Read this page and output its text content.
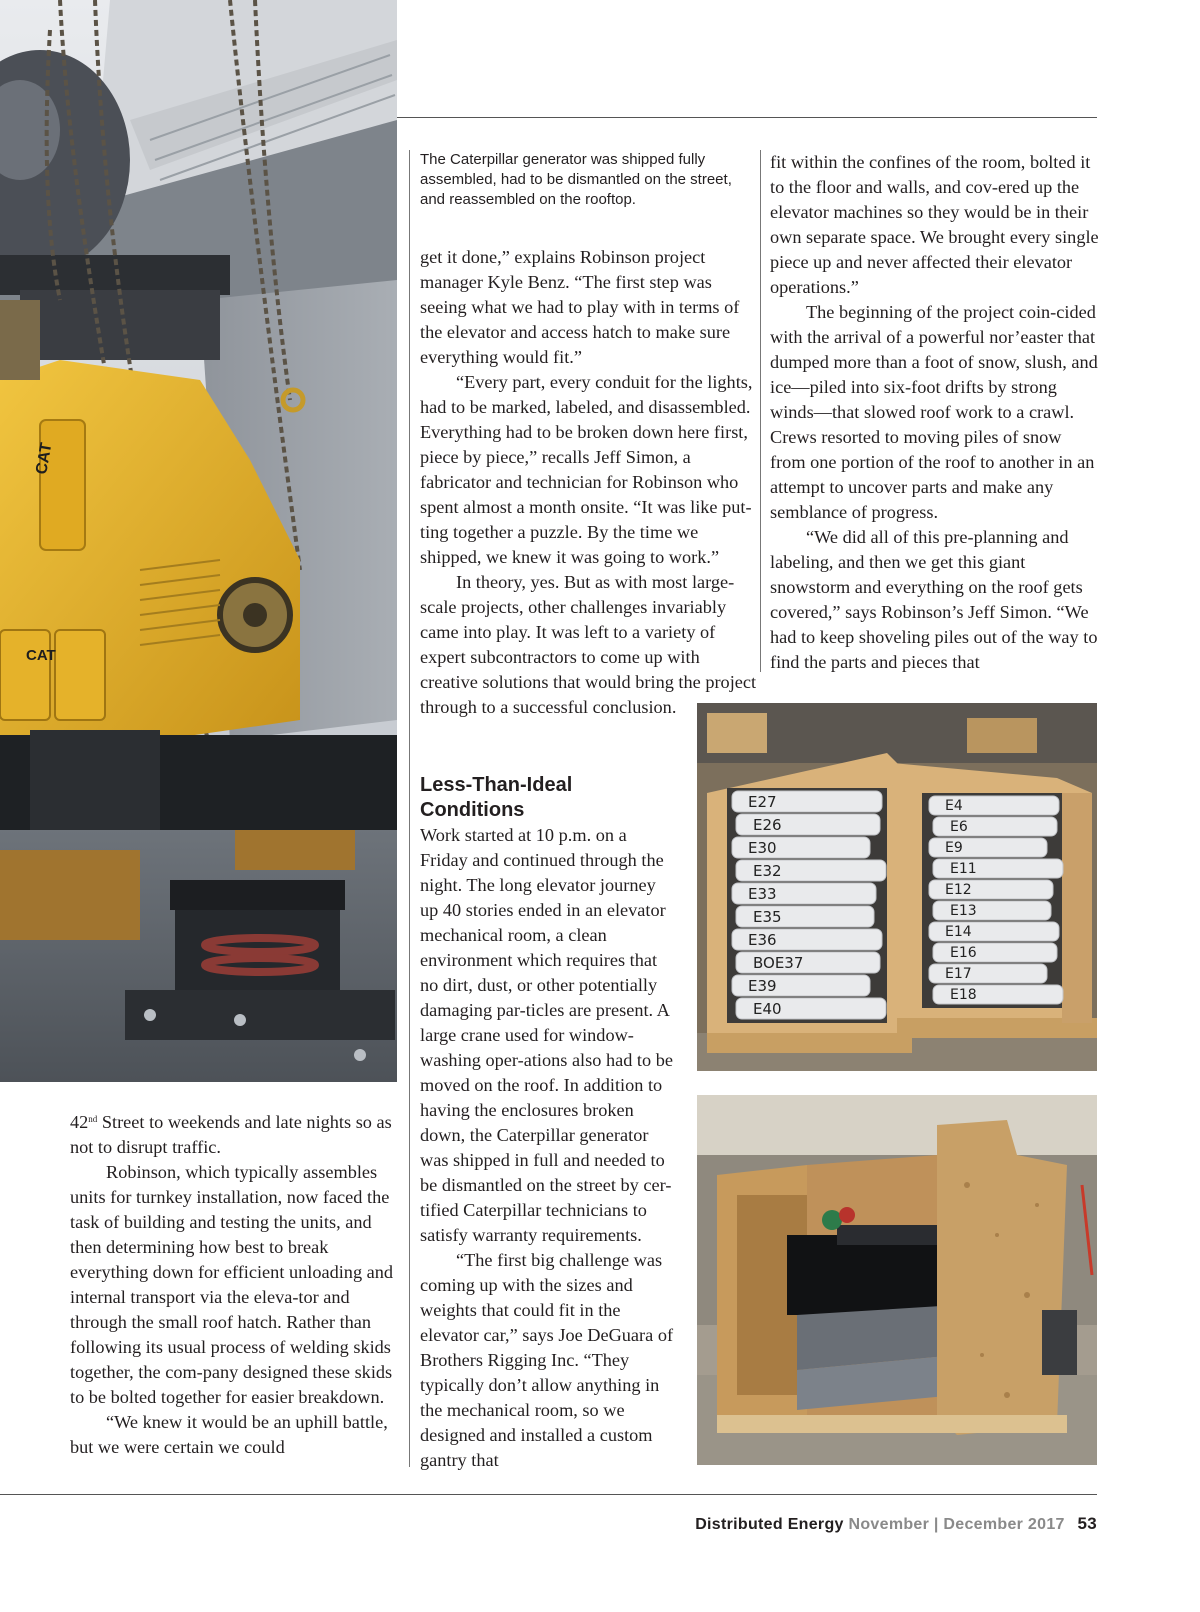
CAT
CAT

The Caterpillar generator was shipped fully assembled, had to be dismantled on the street, and reassembled on the rooftop.

get it done,” explains Robinson project manager Kyle Benz. “The first step was seeing what we had to play with in terms of the elevator and access hatch to make sure everything would fit.”

“Every part, every conduit for the lights, had to be marked, labeled, and disassembled. Everything had to be broken down here first, piece by piece,” recalls Jeff Simon, a fabricator and technician for Robinson who spent almost a month onsite. “It was like put-ting together a puzzle. By the time we shipped, we knew it was going to work.”

In theory, yes. But as with most large-scale projects, other challenges invariably came into play. It was left to a variety of expert subcontractors to come up with creative solutions that would bring the project through to a successful conclusion.

Less-Than-Ideal Conditions

Work started at 10 p.m. on a Friday and continued through the night. The long elevator journey up 40 stories ended in an elevator mechanical room, a clean environment which requires that no dirt, dust, or other potentially damaging par-ticles are present. A large crane used for window-washing oper-ations also had to be moved on the roof. In addition to having the enclosures broken down, the Caterpillar generator was shipped in full and needed to be dismantled on the street by cer-tified Caterpillar technicians to satisfy warranty requirements.

“The first big challenge was coming up with the sizes and weights that could fit in the elevator car,” says Joe DeGuara of Brothers Rigging Inc. “They typically don’t allow anything in the mechanical room, so we designed and installed a custom gantry that

fit within the confines of the room, bolted it to the floor and walls, and cov-ered up the elevator machines so they would be in their own separate space. We brought every single piece up and never affected their elevator operations.”

The beginning of the project coin-cided with the arrival of a powerful nor’easter that dumped more than a foot of snow, slush, and ice—piled into six-foot drifts by strong winds—that slowed roof work to a crawl. Crews resorted to moving piles of snow from one portion of the roof to another in an attempt to uncover parts and make any semblance of progress.

“We did all of this pre-planning and labeling, and then we get this giant snowstorm and everything on the roof gets covered,” says Robinson’s Jeff Simon. “We had to keep shoveling piles out of the way to find the parts and pieces that

42nd Street to weekends and late nights so as not to disrupt traffic.

Robinson, which typically assembles units for turnkey installation, now faced the task of building and testing the units, and then determining how best to break everything down for efficient unloading and internal transport via the eleva-tor and through the small roof hatch. Rather than following its usual process of welding skids together, the com-pany designed these skids to be bolted together for easier breakdown.

“We knew it would be an uphill battle, but we were certain we could

E27
E26
E30
E32
E33
E35
E36
BOE37
E39
E40
E4
E6
E9
E11
E12
E13
E14
E16
E17
E18
Distributed Energy November | December 2017 53
